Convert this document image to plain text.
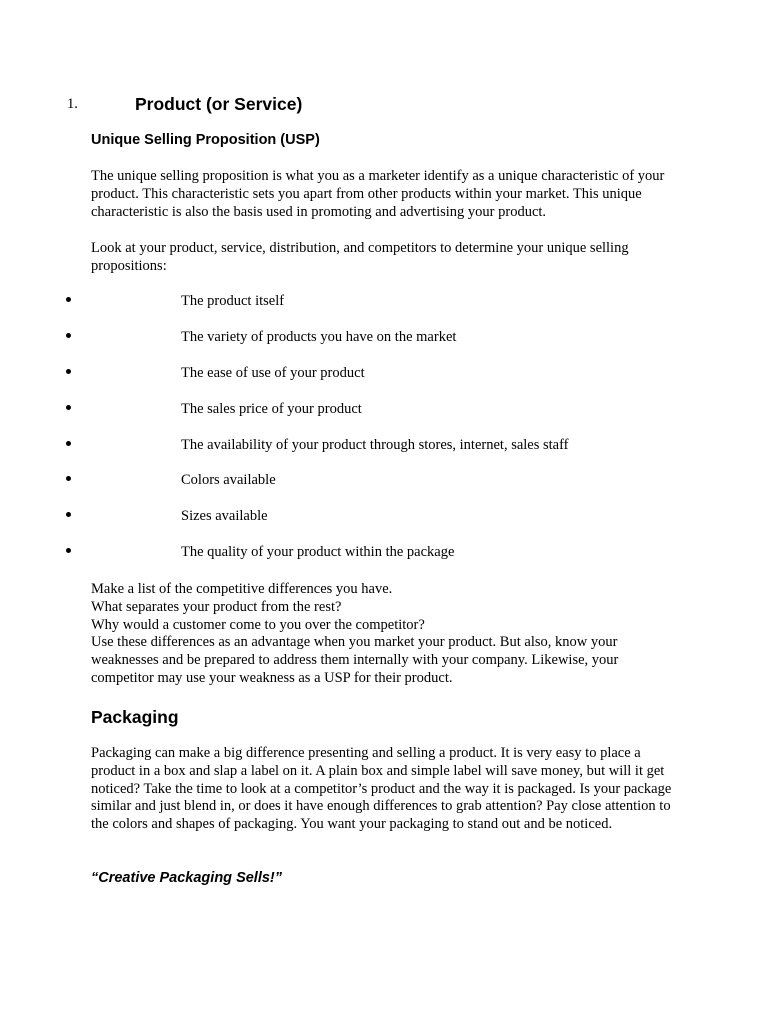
1.	Product (or Service)
Unique Selling Proposition (USP)

The unique selling proposition is what you as a marketer identify as a unique characteristic of your product. This characteristic sets you apart from other products within your market. This unique characteristic is also the basis used in promoting and advertising your product.

Look at your product, service, distribution, and competitors to determine your unique selling propositions:

The product itself
The variety of products you have on the market
The ease of use of your product
The sales price of your product
The availability of your product through stores, internet, sales staff
Colors available
Sizes available
The quality of your product within the package
Make a list of the competitive differences you have.
What separates your product from the rest?
Why would a customer come to you over the competitor?
Use these differences as an advantage when you market your product. But also, know your weaknesses and be prepared to address them internally with your company. Likewise, your competitor may use your weakness as a USP for their product.
Packaging

Packaging can make a big difference presenting and selling a product. It is very easy to place a product in a box and slap a label on it. A plain box and simple label will save money, but will it get noticed? Take the time to look at a competitor’s product and the way it is packaged. Is your package similar and just blend in, or does it have enough differences to grab attention? Pay close attention to the colors and shapes of packaging. You want your packaging to stand out and be noticed.

“Creative Packaging Sells!”
